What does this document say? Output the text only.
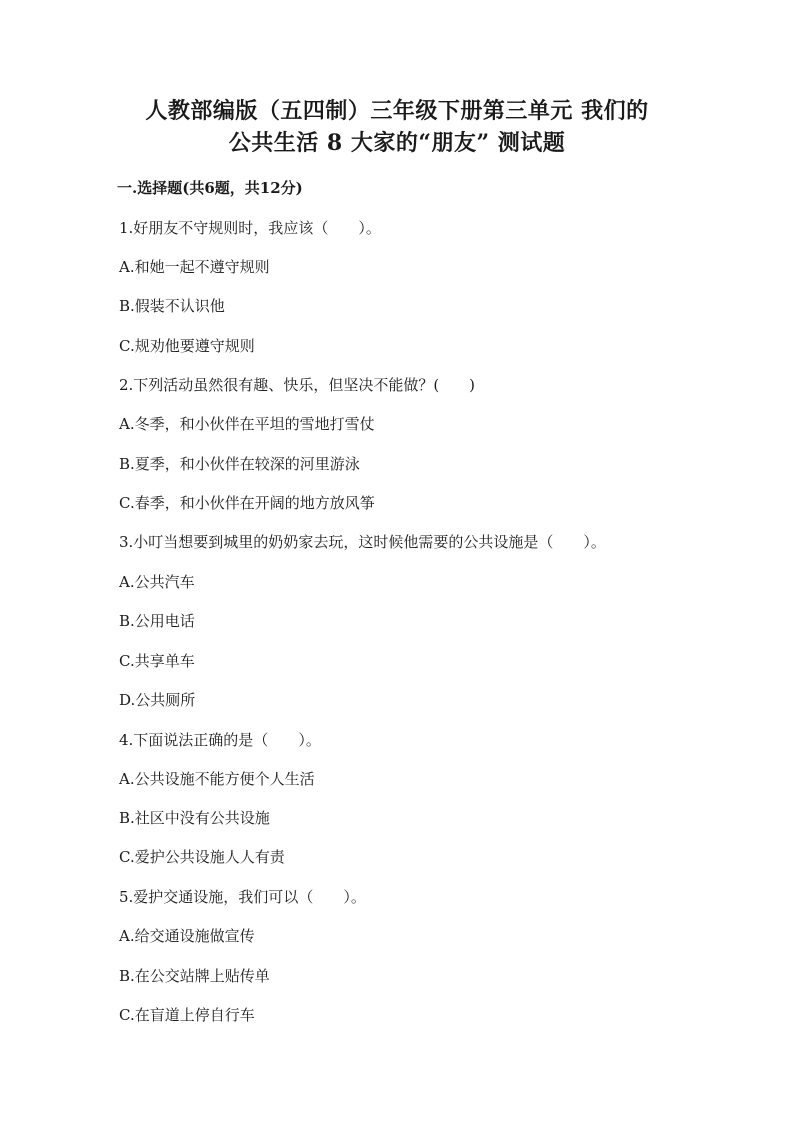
人教部编版（五四制）三年级下册第三单元 我们的
公共生活 8 大家的“朋友” 测试题
一.选择题(共6题，共12分)
1.好朋友不守规则时，我应该（　　）。
A.和她一起不遵守规则
B.假装不认识他
C.规劝他要遵守规则
2.下列活动虽然很有趣、快乐，但坚决不能做？(　　)
A.冬季，和小伙伴在平坦的雪地打雪仗
B.夏季，和小伙伴在较深的河里游泳
C.春季，和小伙伴在开阔的地方放风筝
3.小叮当想要到城里的奶奶家去玩，这时候他需要的公共设施是（　　）。
A.公共汽车
B.公用电话
C.共享单车
D.公共厕所
4.下面说法正确的是（　　）。
A.公共设施不能方便个人生活
B.社区中没有公共设施
C.爱护公共设施人人有责
5.爱护交通设施，我们可以（　　）。
A.给交通设施做宣传
B.在公交站牌上贴传单
C.在盲道上停自行车
